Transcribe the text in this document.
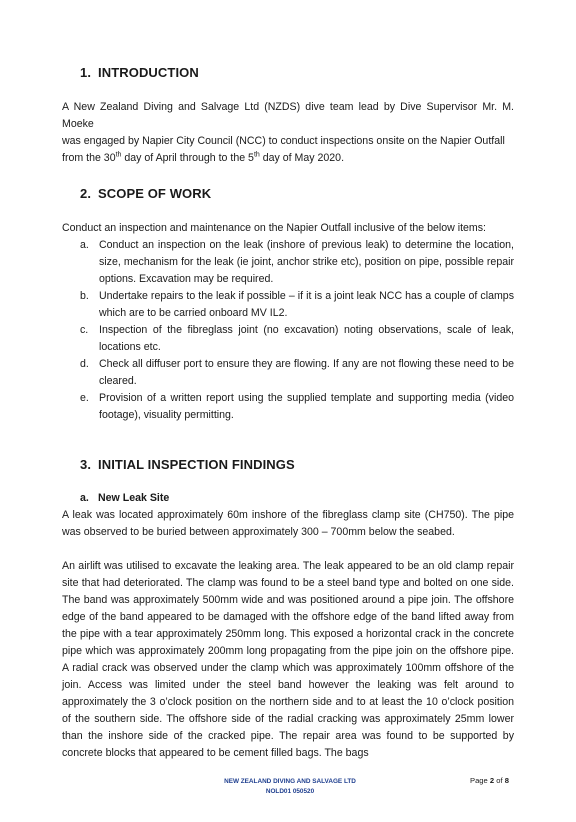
1. INTRODUCTION
A New Zealand Diving and Salvage Ltd (NZDS) dive team lead by Dive Supervisor Mr. M. Moeke
was engaged by Napier City Council (NCC) to conduct inspections onsite on the Napier Outfall
from the 30th day of April through to the 5th day of May 2020.
2. SCOPE OF WORK
Conduct an inspection and maintenance on the Napier Outfall inclusive of the below items:
a. Conduct an inspection on the leak (inshore of previous leak) to determine the location, size, mechanism for the leak (ie joint, anchor strike etc), position on pipe, possible repair options. Excavation may be required.
b. Undertake repairs to the leak if possible – if it is a joint leak NCC has a couple of clamps which are to be carried onboard MV IL2.
c. Inspection of the fibreglass joint (no excavation) noting observations, scale of leak, locations etc.
d. Check all diffuser port to ensure they are flowing. If any are not flowing these need to be cleared.
e. Provision of a written report using the supplied template and supporting media (video footage), visuality permitting.
3. INITIAL INSPECTION FINDINGS
a. New Leak Site
A leak was located approximately 60m inshore of the fibreglass clamp site (CH750). The pipe was observed to be buried between approximately 300 – 700mm below the seabed.
An airlift was utilised to excavate the leaking area. The leak appeared to be an old clamp repair site that had deteriorated. The clamp was found to be a steel band type and bolted on one side. The band was approximately 500mm wide and was positioned around a pipe join. The offshore edge of the band appeared to be damaged with the offshore edge of the band lifted away from the pipe with a tear approximately 250mm long. This exposed a horizontal crack in the concrete pipe which was approximately 200mm long propagating from the pipe join on the offshore pipe. A radial crack was observed under the clamp which was approximately 100mm offshore of the join. Access was limited under the steel band however the leaking was felt around to approximately the 3 o’clock position on the northern side and to at least the 10 o’clock position of the southern side. The offshore side of the radial cracking was approximately 25mm lower than the inshore side of the cracked pipe. The repair area was found to be supported by concrete blocks that appeared to be cement filled bags. The bags
NEW ZEALAND DIVING AND SALVAGE LTD
NOLD01 050520
Page 2 of 8
